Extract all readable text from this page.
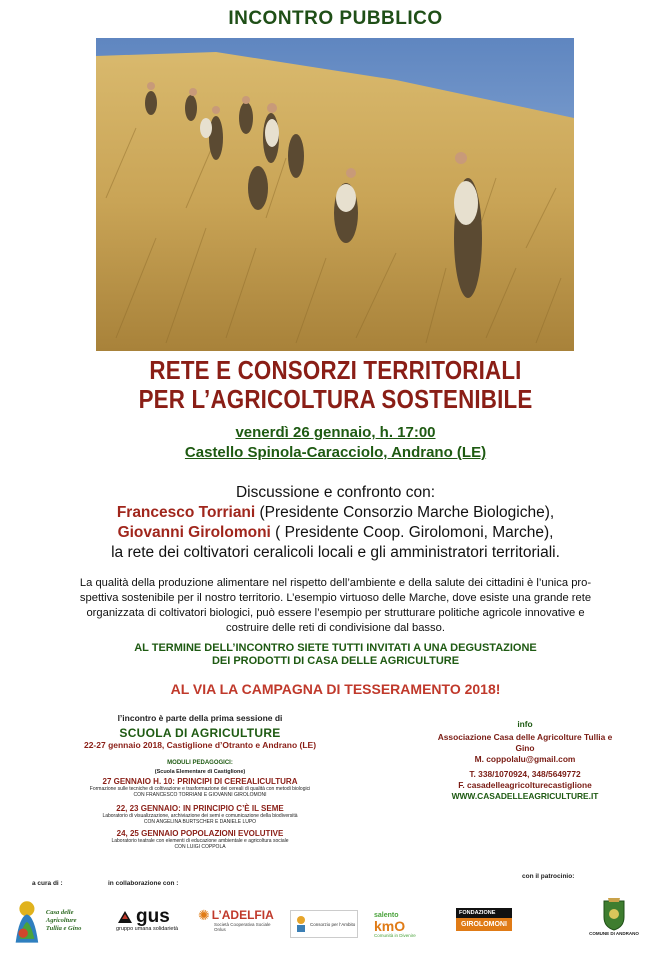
INCONTRO PUBBLICO
RETE E CONSORZI TERRITORIALI
PER L’AGRICOLTURA SOSTENIBILE
venerdì 26 gennaio, h. 17:00
Castello Spinola-Caracciolo, Andrano (LE)
Discussione e confronto con:
Francesco Torriani (Presidente Consorzio Marche Biologiche),
Giovanni Girolomoni ( Presidente Coop. Girolomoni, Marche),
la rete dei coltivatori ceralicoli locali e gli amministratori territoriali.
La qualità della produzione alimentare nel rispetto dell’ambiente e della salute dei cittadini è l’unica pro-
spettiva sostenibile per il nostro territorio. L’esempio virtuoso delle Marche, dove esiste una grande rete
organizzata di coltivatori biologici, può essere l’esempio per strutturare politiche agricole innovative e
costruire delle reti di condivisione dal basso.
AL TERMINE DELL’INCONTRO SIETE TUTTI INVITATI A UNA DEGUSTAZIONE
DEI PRODOTTI DI CASA DELLE AGRICULTURE
AL VIA LA CAMPAGNA DI TESSERAMENTO 2018!
l’incontro è parte della prima sessione di
SCUOLA DI AGRICULTURE
22-27 gennaio 2018, Castiglione d’Otranto e Andrano (LE)
MODULI PEDAGOGICI:
(Scuola Elementare di Castiglione)
27 GENNAIO H. 10: PRINCIPI DI CEREALICULTURA
Formazione sulle tecniche di coltivazione e trasformazione dei cereali di qualità con metodi biologici
CON FRANCESCO TORRIANI E GIOVANNI GIROLOMONI
22, 23 GENNAIO: IN PRINCIPIO C’È IL SEME
Laboratorio di visualizzazione, archiviazione dei semi e comunicazione della biodiversità
CON ANGELINA BURTSCHER E DANIELE LUPO
24, 25 GENNAIO POPOLAZIONI EVOLUTIVE
Laboratorio teatrale con elementi di educazione ambientale e agricoltura sociale
CON LUIGI COPPOLA
info
Associazione Casa delle Agricolture Tullia e Gino
M. coppolalu@gmail.com
T. 338/1070924, 348/5649772
F. casadelleagricolturecastiglione
WWW.CASADELLEAGRICULTURE.IT
a cura di :	in collaborazione con :
con il patrocinio:
Casa delle Agricolture
Tullia e Gino
gus
gruppo umana solidarietà
✺ L’ADELFIA
Società Cooperativa Sociale Onlus
Consorzio per l’Ambito
salento
kmO
Comunità in Divenire
FONDAZIONE
GIROLOMONI
COMUNE DI ANDRANO
